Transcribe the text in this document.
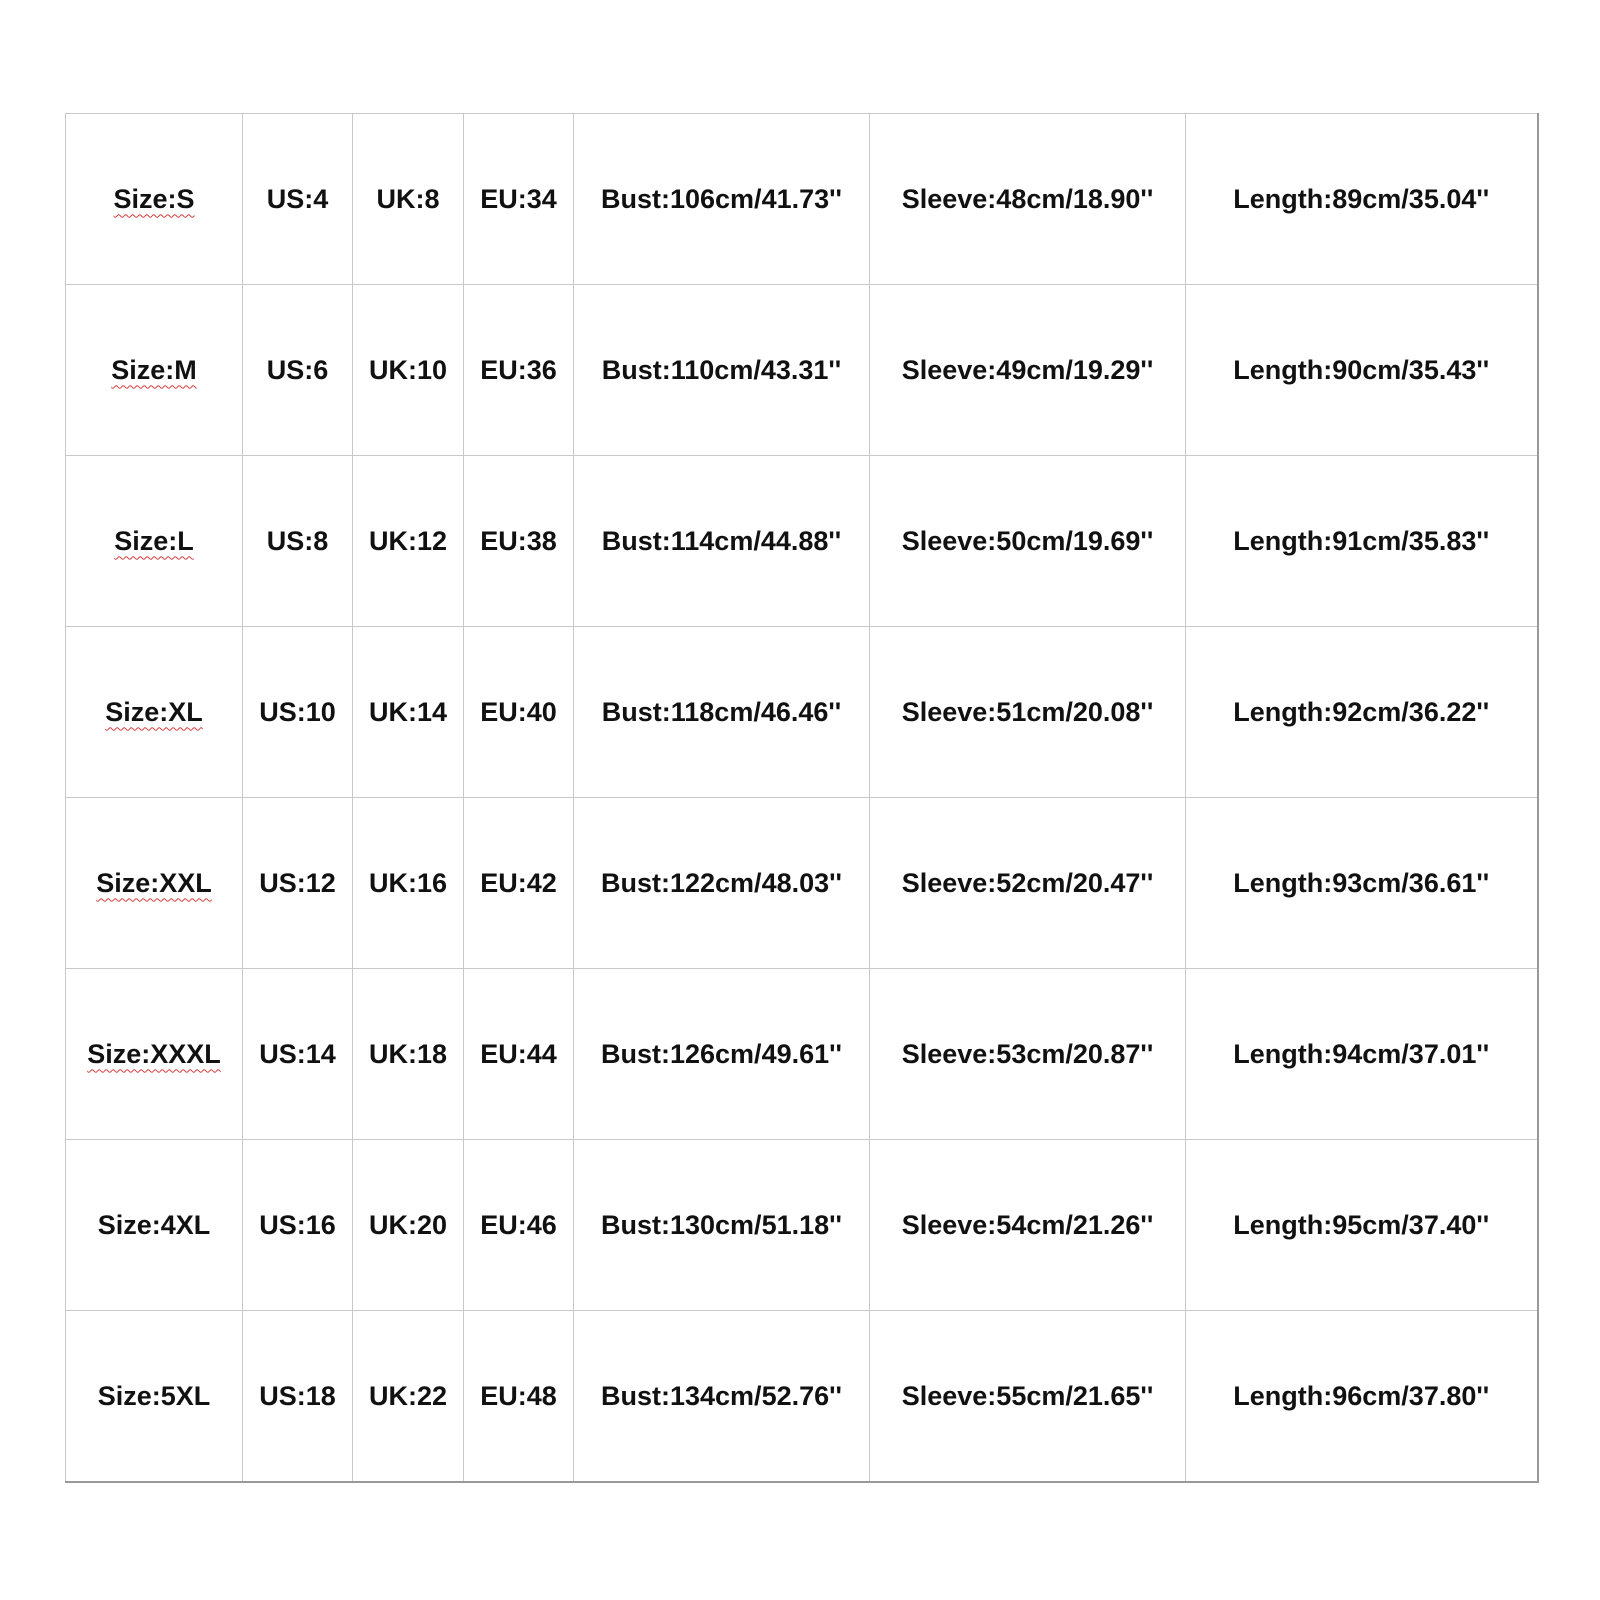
Size:S	US:4	UK:8	EU:34	Bust:106cm/41.73''	Sleeve:48cm/18.90''	Length:89cm/35.04''
Size:M	US:6	UK:10	EU:36	Bust:110cm/43.31''	Sleeve:49cm/19.29''	Length:90cm/35.43''
Size:L	US:8	UK:12	EU:38	Bust:114cm/44.88''	Sleeve:50cm/19.69''	Length:91cm/35.83''
Size:XL	US:10	UK:14	EU:40	Bust:118cm/46.46''	Sleeve:51cm/20.08''	Length:92cm/36.22''
Size:XXL	US:12	UK:16	EU:42	Bust:122cm/48.03''	Sleeve:52cm/20.47''	Length:93cm/36.61''
Size:XXXL	US:14	UK:18	EU:44	Bust:126cm/49.61''	Sleeve:53cm/20.87''	Length:94cm/37.01''
Size:4XL	US:16	UK:20	EU:46	Bust:130cm/51.18''	Sleeve:54cm/21.26''	Length:95cm/37.40''
Size:5XL	US:18	UK:22	EU:48	Bust:134cm/52.76''	Sleeve:55cm/21.65''	Length:96cm/37.80''
